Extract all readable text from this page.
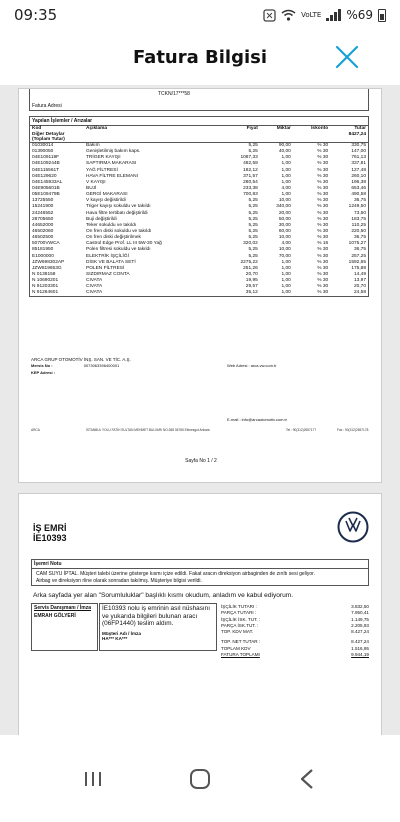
09:35	VoLTE %69
Fatura Bilgisi
TCKN/17***58
Fatura Adresi
Yapılan İşlemler / Arızalar
Kod	Açıklama	Fiyat	Miktar	İskonto	Tutar

Diğer Detaylar
(Toplam Tutar)					8427,24
01030014	Bakım	5,25	90,00	% 30	330,75
01390050	Genişletilmiş bakım kaps.	5,25	40,00	% 30	147,00
04E109119F	TRİGER KAYIŞI	1087,33	1,00	% 30	761,13
04E109244B	SAPTIRMA MAKARASI	482,59	1,00	% 30	337,81
04E115561T	YAĞ FİLTRESİ	182,12	1,00	% 30	127,48
04E129620	HAVA FİLTRE ELEMANI	371,57	1,00	% 30	260,10
04E145933AL	V KAYIŞI	280,54	1,00	% 30	196,38
04E905601B	BUJİ	233,38	4,00	% 30	653,46
05E109479B	GERGİ MAKARASI	700,83	1,00	% 30	490,58
13725550	V kayışı değistirildi	5,25	10,00	% 30	36,75
15241900	Triger kayışı sokuldu ve takıldı	5,25	340,00	% 30	1249,50
24246552	Hava filtre tertibatı değiştirildi	5,25	20,00	% 30	73,50
28705650	Buji değiştirildi	5,25	50,00	% 30	183,75
44652000	Teker sokuldu ve takıldı	5,25	30,00	% 30	110,25
46502060	On fren diski sokuldu ve takıldı	5,25	60,00	% 30	220,50
46502500	On fren diski değiştirilmek	5,25	10,00	% 30	36,75
50700VWCA	Castrol Edge Prof. LL III 5W-30 Yağ	320,02	4,00	% 16	1075,27
85181950	Polen filtresi sokuldu ve takıldı	5,25	10,00	% 30	36,75
E1000000	ELEKTRİK İŞÇİLİĞİ	5,25	70,00	% 30	257,25
JZW698302AP	DİSK VE BALATA SETİ	2275,22	1,00	% 30	1592,65
JZW819653G	POLEN FİLTRESİ	251,26	1,00	% 30	175,88
N 0138158	SIZDIRMAZ CONTA	20,70	1,00	% 30	14,49
N 10690201	CIVATA	19,95	1,00	% 30	13,97
N 91203301	CIVATA	29,57	1,00	% 30	20,70
N 91264601	CIVATA	35,12	1,00	% 30	24,58
ARCA GRUP OTOMOTİV İNŞ. SAN. VE TİC. A.Ş.
Mersis No :	0073063396400001
KEP Adresi :
Web Adresi : arca.vw.com.tr
E-mail : info@arcaotomotiv.com.tr
ARCA	İSTANBUL YOLU FATİH SULTAN MEHMET BULVARI NO:288 06785 Etimesgut Ankara	Tel : 90(312)2657177	Fax : 90(312)2657178
Sayfa No 1 / 2
İŞ EMRİ
İE10393
İşemri Notu
CAM SUYU İPTAL. Müşteri talebi üzerine gösterge kısmı içize edildi. Fakat aracın direksiyon airbaginden de zırıltı sesi geliyor.
Airbag ve direksiyon rline olarak sonradan takılmış. Müşteriye bilgisi verildi.
Arka sayfada yer alan "Sorumluluklar" başlıklı kısmı okudum, anladım ve kabul ediyorum.
Servis Danışmanı / İmza
EMRAH GÖLYERİ
İE10393 nolu iş emrinin asıl nüshasını ve yukarıda bilgileri bulunan aracı (06FP1440) teslim aldım.
Müşteri Adı / İmza
HA*** KA***
İŞÇİLİK TUTARI :	3.832,50
PARÇA TUTARI :	7.950,41
İŞÇİLİK İSK. TUT. :	1.149,75
PARÇA İSK.TUT. :	2.205,93
TOP. KDV MAT.	8.427,24
TOP. NET TUTAR :	8.427,24
TOPLAM KDV	1.516,95
FATURA TOPLAMI	9.944,19
